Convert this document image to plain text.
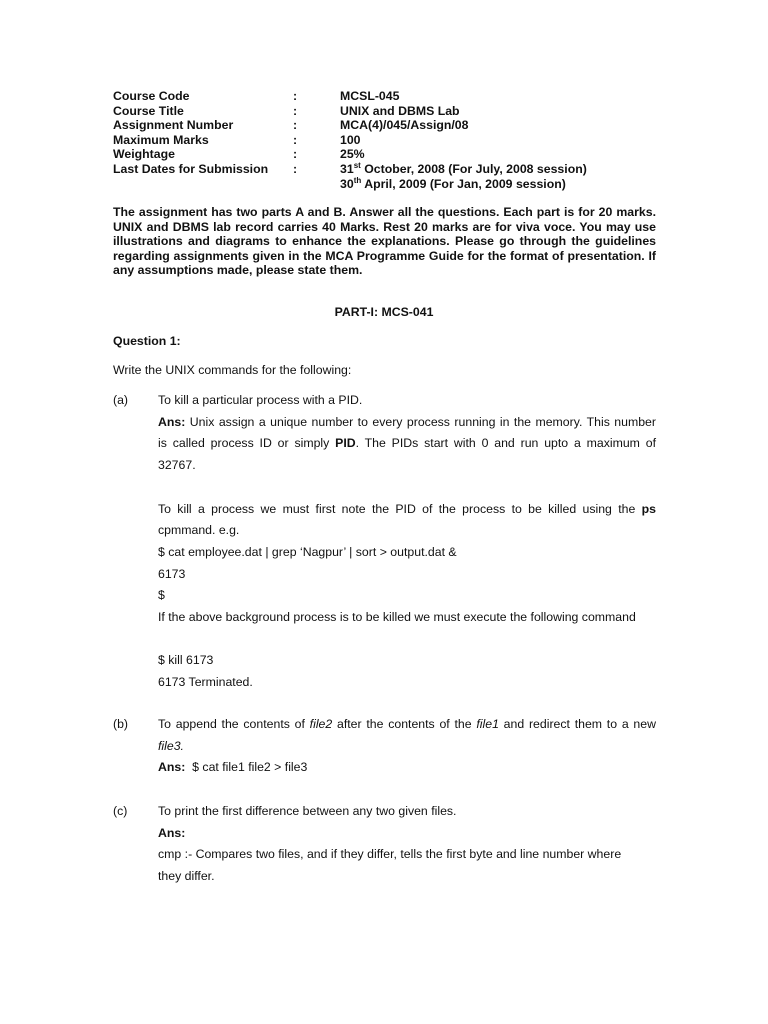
Course Code	:	MCSL-045
Course Title	:	UNIX and DBMS Lab
Assignment Number	:	MCA(4)/045/Assign/08
Maximum Marks	:	100
Weightage	:	25%
Last Dates for Submission :	31st October, 2008 (For July, 2008 session)
30th April, 2009 (For Jan, 2009 session)
The assignment has two parts A and B. Answer all the questions. Each part is for 20 marks. UNIX and DBMS lab record carries 40 Marks. Rest 20 marks are for viva voce. You may use illustrations and diagrams to enhance the explanations. Please go through the guidelines regarding assignments given in the MCA Programme Guide for the format of presentation. If any assumptions made, please state them.
PART-I: MCS-041
Question 1:
Write the UNIX commands for the following:
(a) To kill a particular process with a PID.
Ans: Unix assign a unique number to every process running in the memory. This number
is called process ID or simply PID. The PIDs start with 0 and run upto a maximum of
32767.
To kill a process we must first note the PID of the process to be killed using the ps
cpmmand. e.g.
$ cat employee.dat | grep ‘Nagpur’ | sort > output.dat &
6173
$
If the above background process is to be killed we must execute the following command
$ kill 6173
6173 Terminated.
(b) To append the contents of file2 after the contents of the file1 and redirect them to a new
file3.
Ans:  $ cat file1 file2 > file3
(c) To print the first difference between any two given files.
Ans:
cmp :- Compares two files, and if they differ, tells the first byte and line number where
they differ.
